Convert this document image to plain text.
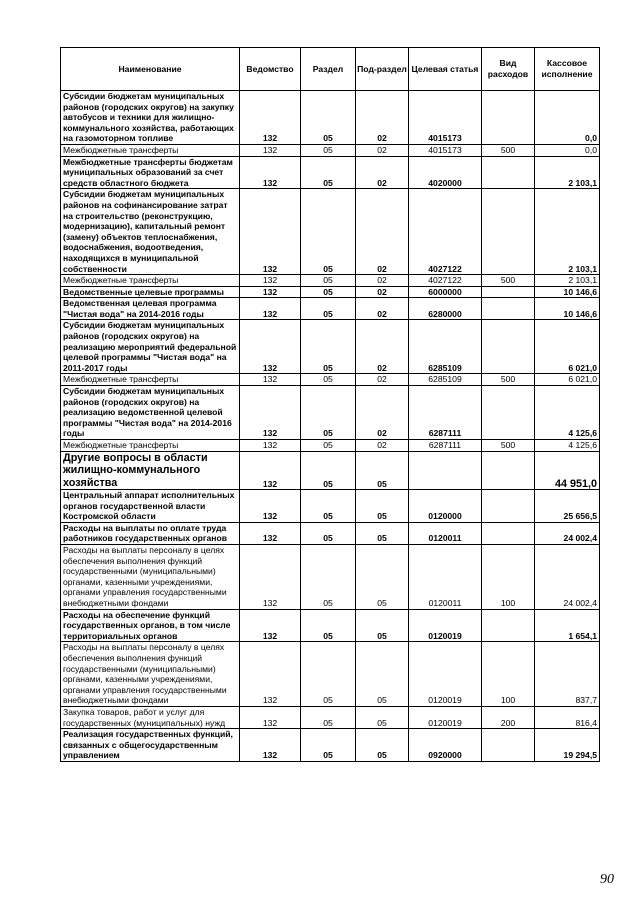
Наименование	Ведомство	Раздел	Под-раздел	Целевая статья	Вид расходов	Кассовое исполнение
Субсидии бюджетам муниципальных районов (городских округов) на закупку автобусов и техники для жилищно-коммунального хозяйства, работающих на газомоторном топливе	132	05	02	4015173		0,0
Межбюджетные трансферты	132	05	02	4015173	500	0,0
Межбюджетные трансферты бюджетам муниципальных образований за счет средств областного бюджета	132	05	02	4020000		2 103,1
Субсидии бюджетам муниципальных районов на софинансирование затрат на строительство (реконструкцию, модернизацию), капитальный ремонт (замену) объектов теплоснабжения, водоснабжения, водоотведения, находящихся в муниципальной собственности	132	05	02	4027122		2 103,1
Межбюджетные трансферты	132	05	02	4027122	500	2 103,1
Ведомственные целевые программы	132	05	02	6000000		10 146,6
Ведомственная целевая программа "Чистая вода" на 2014-2016 годы	132	05	02	6280000		10 146,6
Субсидии бюджетам муниципальных районов (городских округов) на реализацию мероприятий федеральной целевой программы "Чистая вода" на 2011-2017 годы	132	05	02	6285109		6 021,0
Межбюджетные трансферты	132	05	02	6285109	500	6 021,0
Субсидии бюджетам муниципальных районов (городских округов) на реализацию ведомственной целевой программы "Чистая вода" на 2014-2016 годы	132	05	02	6287111		4 125,6
Межбюджетные трансферты	132	05	02	6287111	500	4 125,6
Другие вопросы в области жилищно-коммунального хозяйства	132	05	05			44 951,0
Центральный аппарат исполнительных органов государственной власти Костромской области	132	05	05	0120000		25 656,5
Расходы на выплаты по оплате труда работников государственных органов	132	05	05	0120011		24 002,4
Расходы на выплаты персоналу в целях обеспечения выполнения функций государственными (муниципальными) органами, казенными учреждениями, органами управления государственными внебюджетными фондами	132	05	05	0120011	100	24 002,4
Расходы на обеспечение функций государственных органов, в том числе территориальных органов	132	05	05	0120019		1 654,1
Расходы на выплаты персоналу в целях обеспечения выполнения функций государственными (муниципальными) органами, казенными учреждениями, органами управления государственными внебюджетными фондами	132	05	05	0120019	100	837,7
Закупка товаров, работ и услуг для государственных (муниципальных) нужд	132	05	05	0120019	200	816,4
Реализация государственных функций, связанных с общегосударственным управлением	132	05	05	0920000		19 294,5
90
